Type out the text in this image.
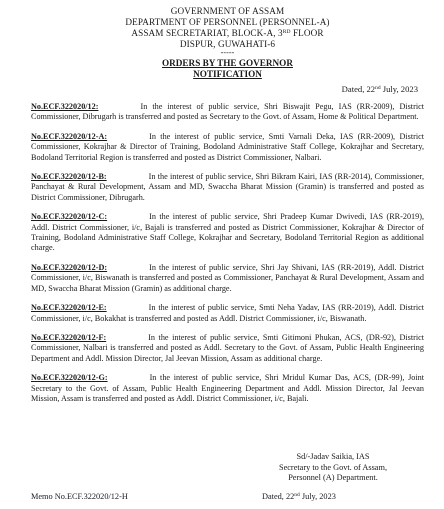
GOVERNMENT OF ASSAM
DEPARTMENT OF PERSONNEL (PERSONNEL-A)
ASSAM SECRETARIAT, BLOCK-A, 3RD FLOOR
DISPUR, GUWAHATI-6
-----
ORDERS BY THE GOVERNOR
NOTIFICATION
Dated, 22nd July, 2023
No.ECF.322020/12:	In the interest of public service, Shri Biswajit Pegu, IAS (RR-2009), District Commissioner, Dibrugarh is transferred and posted as Secretary to the Govt. of Assam, Home & Political Department.
No.ECF.322020/12-A:	In the interest of public service, Smti Varnali Deka, IAS (RR-2009), District Commissioner, Kokrajhar & Director of Training, Bodoland Administrative Staff College, Kokrajhar and Secretary, Bodoland Territorial Region is transferred and posted as District Commissioner, Nalbari.
No.ECF.322020/12-B:	In the interest of public service, Shri Bikram Kairi, IAS (RR-2014), Commissioner, Panchayat & Rural Development, Assam and MD, Swaccha Bharat Mission (Gramin) is transferred and posted as District Commissioner, Dibrugarh.
No.ECF.322020/12-C:	In the interest of public service, Shri Pradeep Kumar Dwivedi, IAS (RR-2019), Addl. District Commissioner, i/c, Bajali is transferred and posted as District Commissioner, Kokrajhar & Director of Training, Bodoland Administrative Staff College, Kokrajhar and Secretary, Bodoland Territorial Region as additional charge.
No.ECF.322020/12-D:	In the interest of public service, Shri Jay Shivani, IAS (RR-2019), Addl. District Commissioner, i/c, Biswanath is transferred and posted as Commissioner, Panchayat & Rural Development, Assam and MD, Swaccha Bharat Mission (Gramin) as additional charge.
No.ECF.322020/12-E:	In the interest of public service, Smti Neha Yadav, IAS (RR-2019), Addl. District Commissioner, i/c, Bokakhat is transferred and posted as Addl. District Commissioner, i/c, Biswanath.
No.ECF.322020/12-F:	In the interest of public service, Smti Gitimoni Phukan, ACS, (DR-92), District Commissioner, Nalbari is transferred and posted as Addl. Secretary to the Govt. of Assam, Public Health Engineering Department and Addl. Mission Director, Jal Jeevan Mission, Assam as additional charge.
No.ECF.322020/12-G:	In the interest of public service, Shri Mridul Kumar Das, ACS, (DR-99), Joint Secretary to the Govt. of Assam, Public Health Engineering Department and Addl. Mission Director, Jal Jeevan Mission, Assam is transferred and posted as Addl. District Commissioner, i/c, Bajali.
Sd/-Jadav Saikia, IAS
Secretary to the Govt. of Assam,
Personnel (A) Department.
Memo No.ECF.322020/12-H	Dated, 22nd July, 2023
